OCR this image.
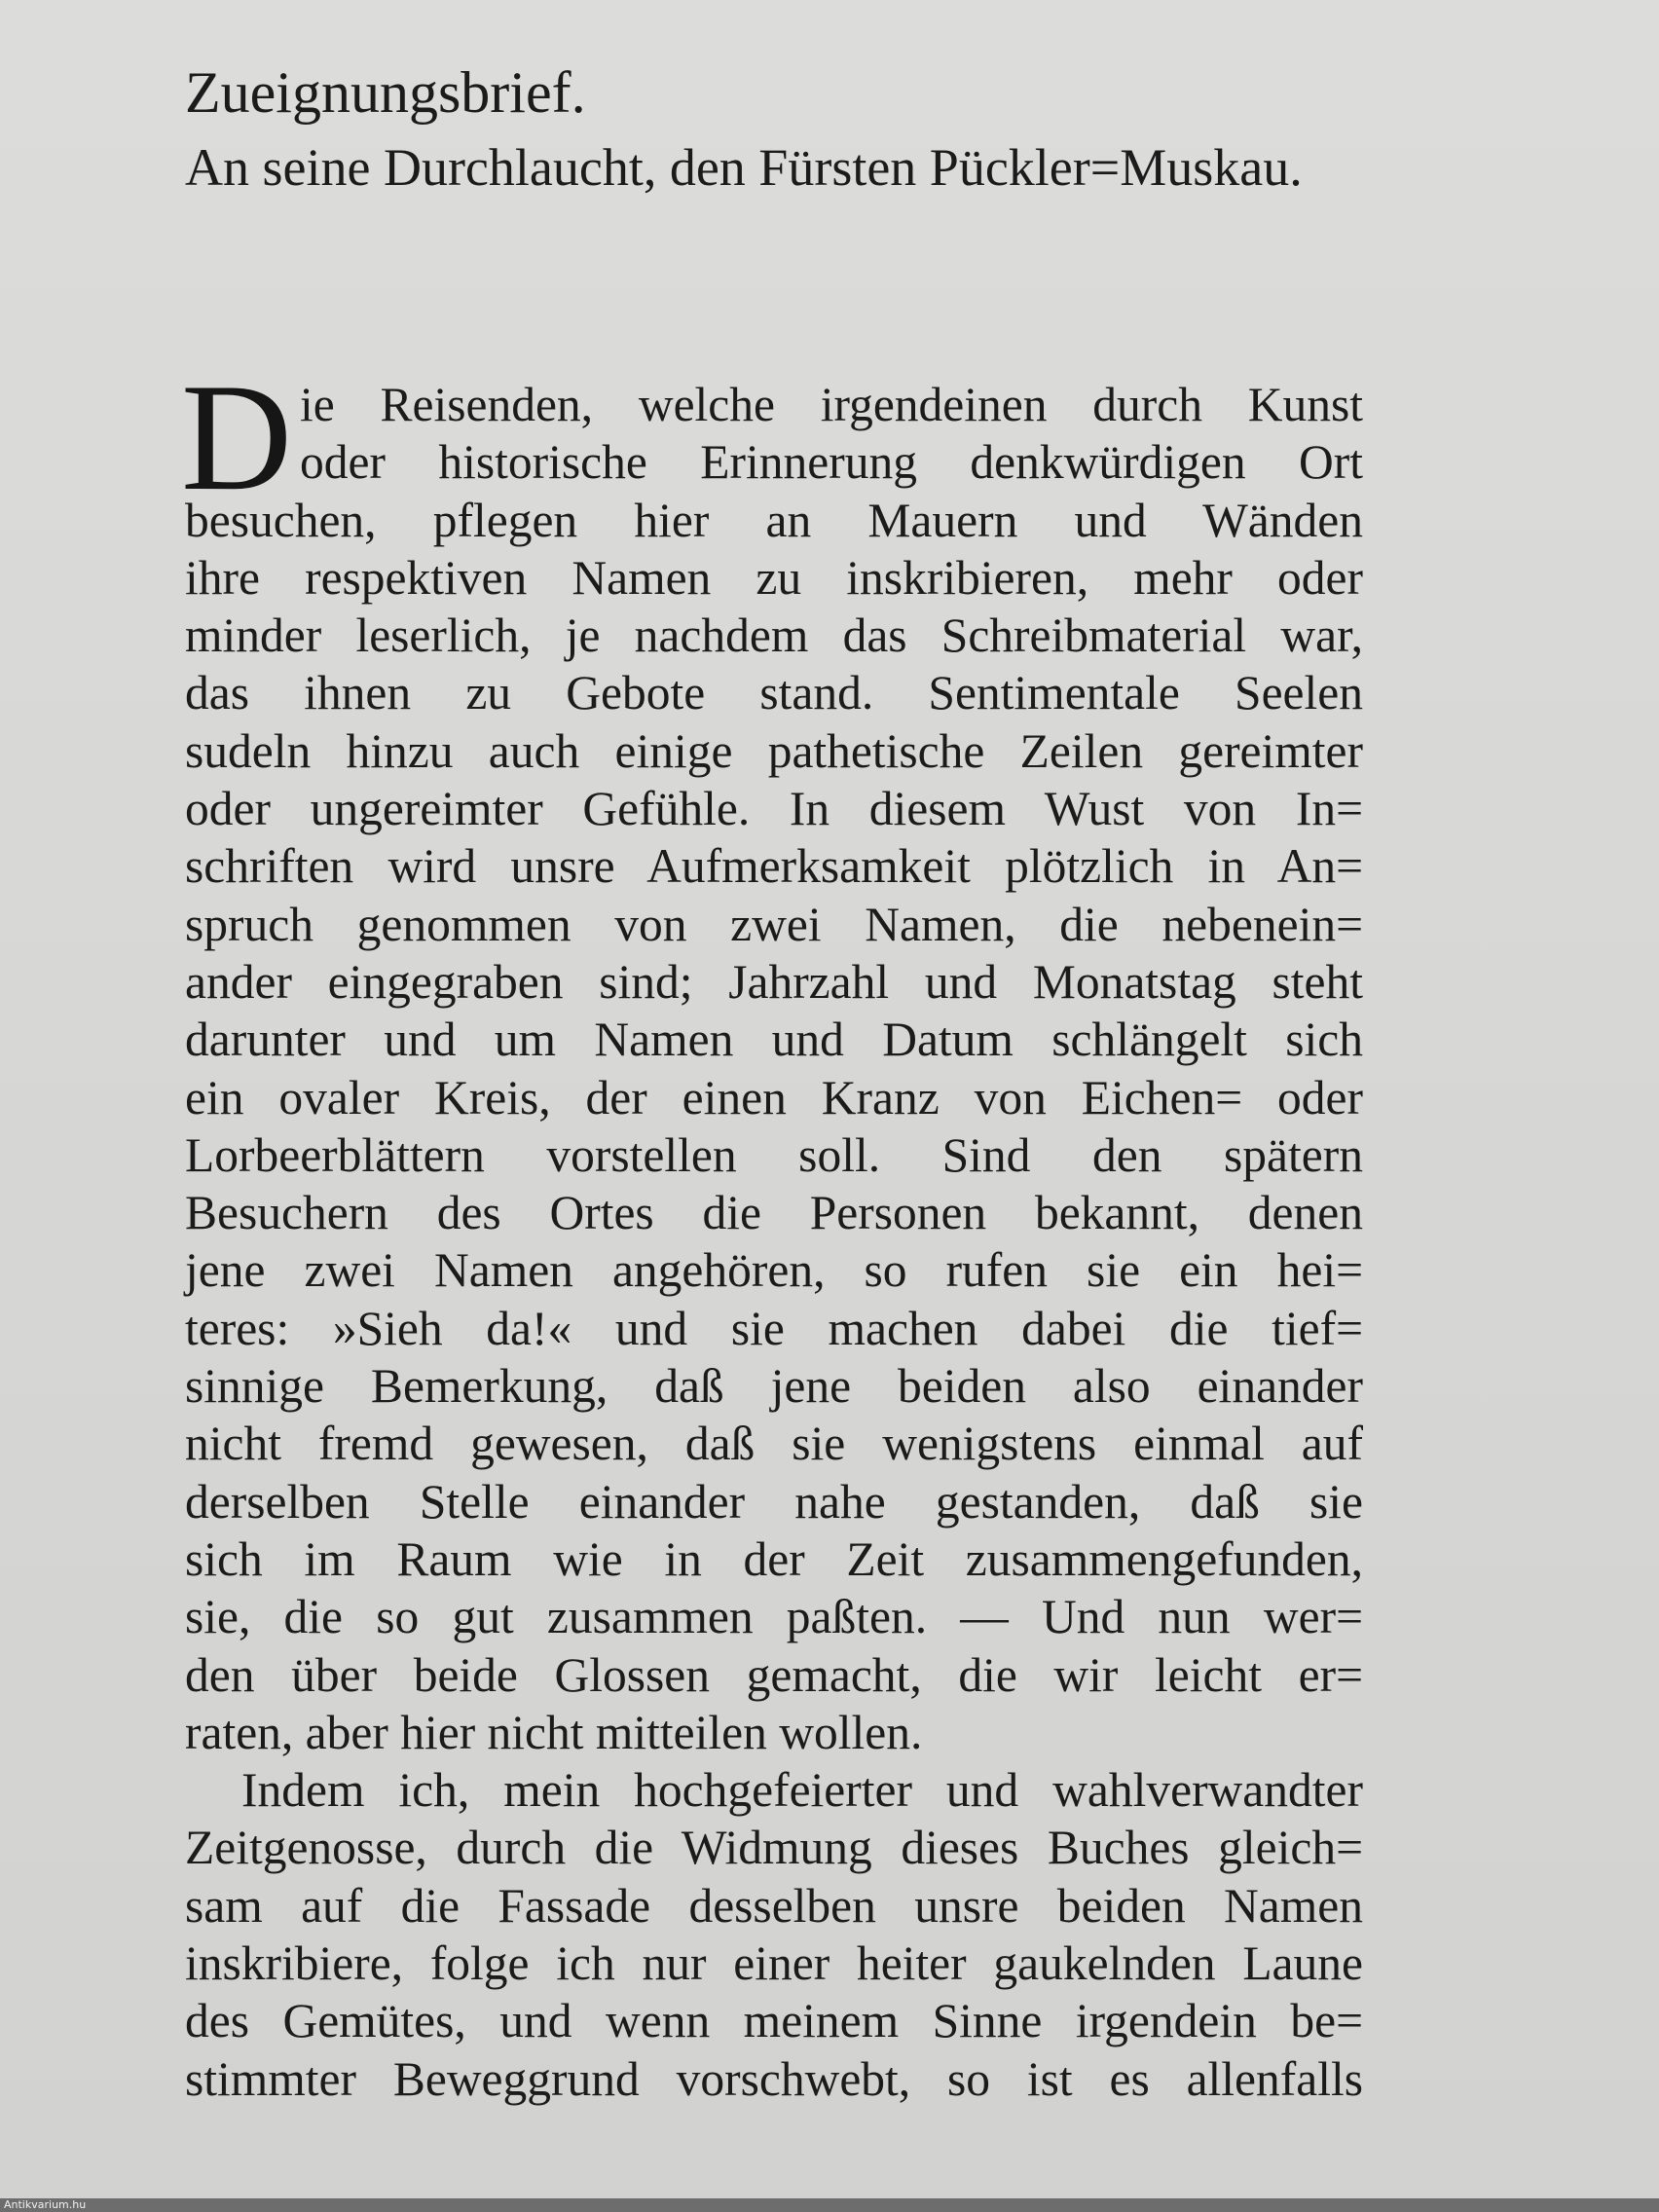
Zueignungsbrief.
An seine Durchlaucht, den Fürsten Pückler=Muskau.
D ie Reisenden, welche irgendeinen durch Kunst
oder historische Erinnerung denkwürdigen Ort
besuchen, pflegen hier an Mauern und Wänden
ihre respektiven Namen zu inskribieren, mehr oder
minder leserlich, je nachdem das Schreibmaterial war,
das ihnen zu Gebote stand. Sentimentale Seelen
sudeln hinzu auch einige pathetische Zeilen gereimter
oder ungereimter Gefühle. In diesem Wust von In=
schriften wird unsre Aufmerksamkeit plötzlich in An=
spruch genommen von zwei Namen, die nebenein=
ander eingegraben sind; Jahrzahl und Monatstag steht
darunter und um Namen und Datum schlängelt sich
ein ovaler Kreis, der einen Kranz von Eichen= oder
Lorbeerblättern vorstellen soll. Sind den spätern
Besuchern des Ortes die Personen bekannt, denen
jene zwei Namen angehören, so rufen sie ein hei=
teres: »Sieh da!« und sie machen dabei die tief=
sinnige Bemerkung, daß jene beiden also einander
nicht fremd gewesen, daß sie wenigstens einmal auf
derselben Stelle einander nahe gestanden, daß sie
sich im Raum wie in der Zeit zusammengefunden,
sie, die so gut zusammen paßten. — Und nun wer=
den über beide Glossen gemacht, die wir leicht er=
raten, aber hier nicht mitteilen wollen.
Indem ich, mein hochgefeierter und wahlverwandter
Zeitgenosse, durch die Widmung dieses Buches gleich=
sam auf die Fassade desselben unsre beiden Namen
inskribiere, folge ich nur einer heiter gaukelnden Laune
des Gemütes, und wenn meinem Sinne irgendein be=
stimmter Beweggrund vorschwebt, so ist es allenfalls
Antikvarium.hu
